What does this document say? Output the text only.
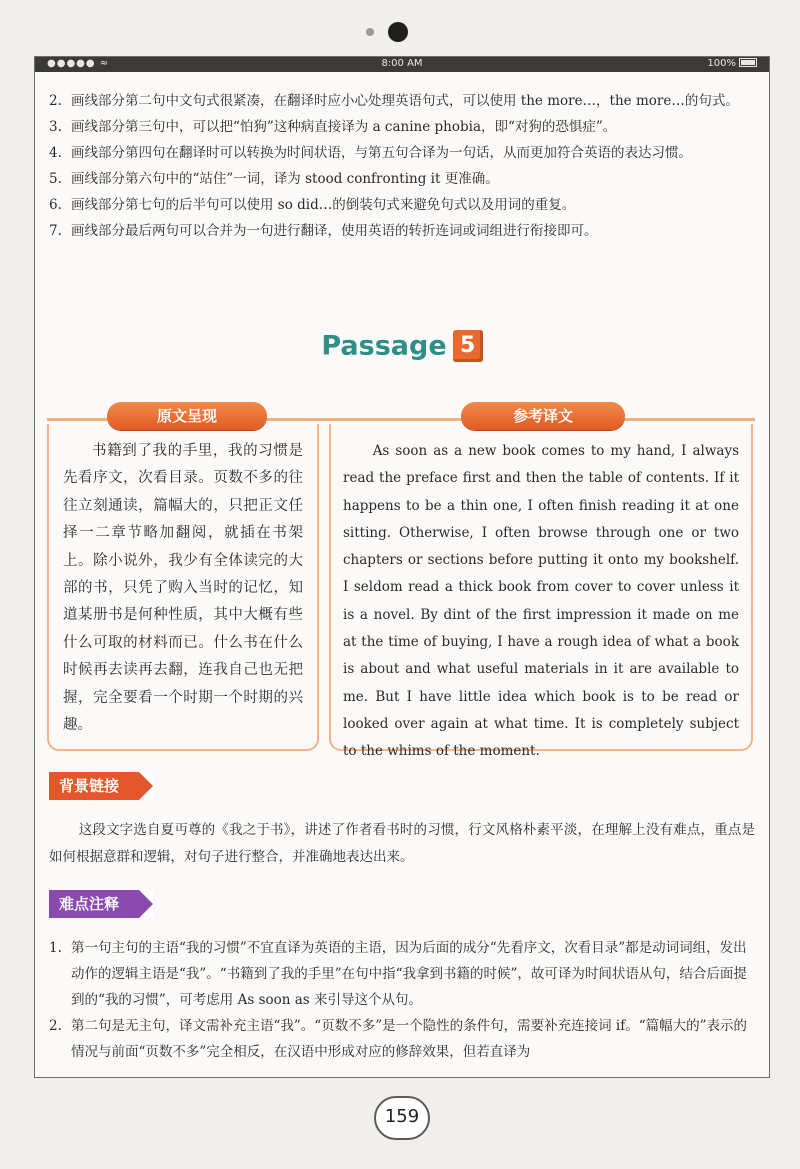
●●●●● ≈	8:00 AM	100%
2. 画线部分第二句中文句式很紧凑，在翻译时应小心处理英语句式，可以使用 the more…，the more…的句式。
3. 画线部分第三句中，可以把“怕狗”这种病直接译为 a canine phobia，即“对狗的恐惧症”。
4. 画线部分第四句在翻译时可以转换为时间状语，与第五句合译为一句话，从而更加符合英语的表达习惯。
5. 画线部分第六句中的“站住”一词，译为 stood confronting it 更准确。
6. 画线部分第七句的后半句可以使用 so did…的倒装句式来避免句式以及用词的重复。
7. 画线部分最后两句可以合并为一句进行翻译，使用英语的转折连词或词组进行衔接即可。
Passage 5
原文呈现	参考译文

书籍到了我的手里，我的习惯是先看序文，次看目录。页数不多的往往立刻通读，篇幅大的，只把正文任择一二章节略加翻阅，就插在书架上。除小说外，我少有全体读完的大部的书，只凭了购入当时的记忆，知道某册书是何种性质，其中大概有些什么可取的材料而已。什么书在什么时候再去读再去翻，连我自己也无把握，完全要看一个时期一个时期的兴趣。

As soon as a new book comes to my hand, I always read the preface first and then the table of contents. If it happens to be a thin one, I often finish reading it at one sitting. Otherwise, I often browse through one or two chapters or sections before putting it onto my bookshelf. I seldom read a thick book from cover to cover unless it is a novel. By dint of the first impression it made on me at the time of buying, I have a rough idea of what a book is about and what useful materials in it are available to me. But I have little idea which book is to be read or looked over again at what time. It is completely subject to the whims of the moment.

背景链接

这段文字选自夏丏尊的《我之于书》，讲述了作者看书时的习惯，行文风格朴素平淡，在理解上没有难点，重点是如何根据意群和逻辑，对句子进行整合，并准确地表达出来。

难点注释
1. 第一句主句的主语“我的习惯”不宜直译为英语的主语，因为后面的成分“先看序文，次看目录”都是动词词组，发出动作的逻辑主语是“我”。“书籍到了我的手里”在句中指“我拿到书籍的时候”，故可译为时间状语从句，结合后面提到的“我的习惯”，可考虑用 As soon as 来引导这个从句。
2. 第二句是无主句，译文需补充主语“我”。“页数不多”是一个隐性的条件句，需要补充连接词 if。“篇幅大的”表示的情况与前面“页数不多”完全相反，在汉语中形成对应的修辞效果，但若直译为
159
